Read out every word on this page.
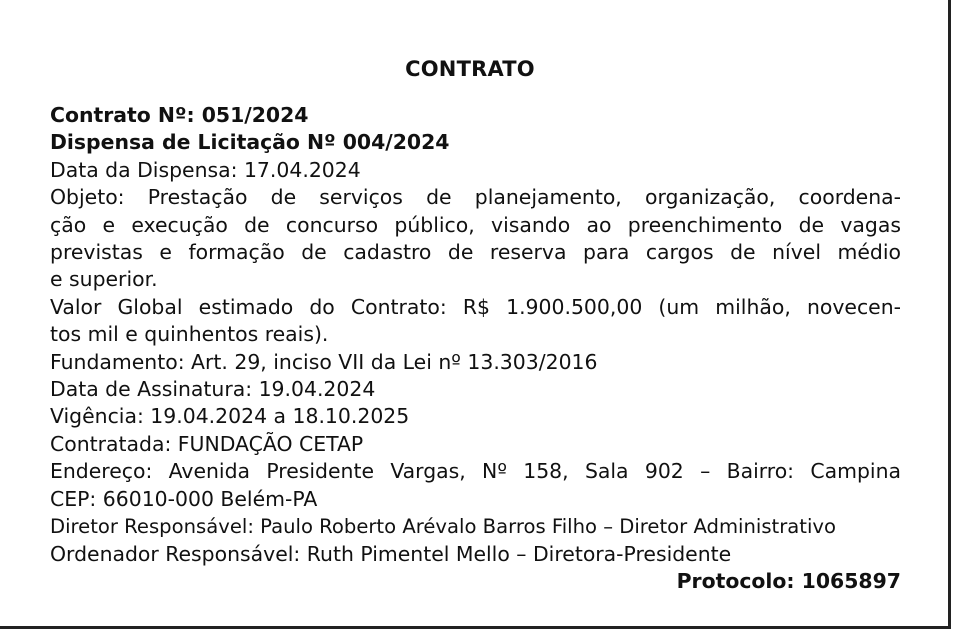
CONTRATO
Contrato Nº: 051/2024
Dispensa de Licitação Nº 004/2024
Data da Dispensa: 17.04.2024
Objeto: Prestação de serviços de planejamento, organização, coordena-
ção e execução de concurso público, visando ao preenchimento de vagas
previstas e formação de cadastro de reserva para cargos de nível médio
e superior.
Valor Global estimado do Contrato: R$ 1.900.500,00 (um milhão, novecen-
tos mil e quinhentos reais).
Fundamento: Art. 29, inciso VII da Lei nº 13.303/2016
Data de Assinatura: 19.04.2024
Vigência: 19.04.2024 a 18.10.2025
Contratada: FUNDAÇÃO CETAP
Endereço: Avenida Presidente Vargas, Nº 158, Sala 902 – Bairro: Campina
CEP: 66010-000 Belém-PA
Diretor Responsável: Paulo Roberto Arévalo Barros Filho – Diretor Administrativo
Ordenador Responsável: Ruth Pimentel Mello – Diretora-Presidente
Protocolo: 1065897
